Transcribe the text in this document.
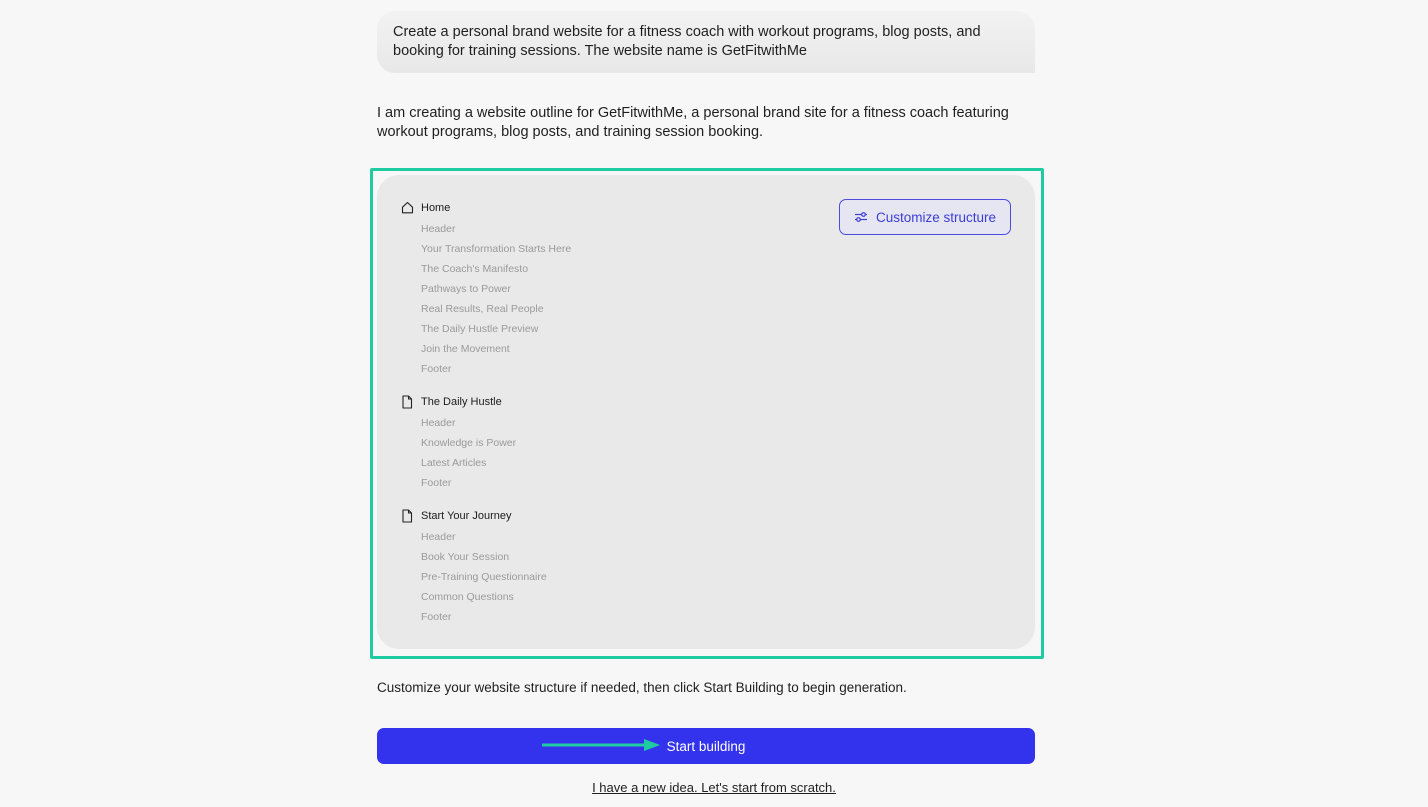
Create a personal brand website for a fitness coach with workout programs, blog posts, and booking for training sessions. The website name is GetFitwithMe
I am creating a website outline for GetFitwithMe, a personal brand site for a fitness coach featuring workout programs, blog posts, and training session booking.
Home
Header
Your Transformation Starts Here
The Coach's Manifesto
Pathways to Power
Real Results, Real People
The Daily Hustle Preview
Join the Movement
Footer
The Daily Hustle
Header
Knowledge is Power
Latest Articles
Footer
Start Your Journey
Header
Book Your Session
Pre-Training Questionnaire
Common Questions
Footer
Customize structure
Customize your website structure if needed, then click Start Building to begin generation.
Start building
I have a new idea. Let's start from scratch.
